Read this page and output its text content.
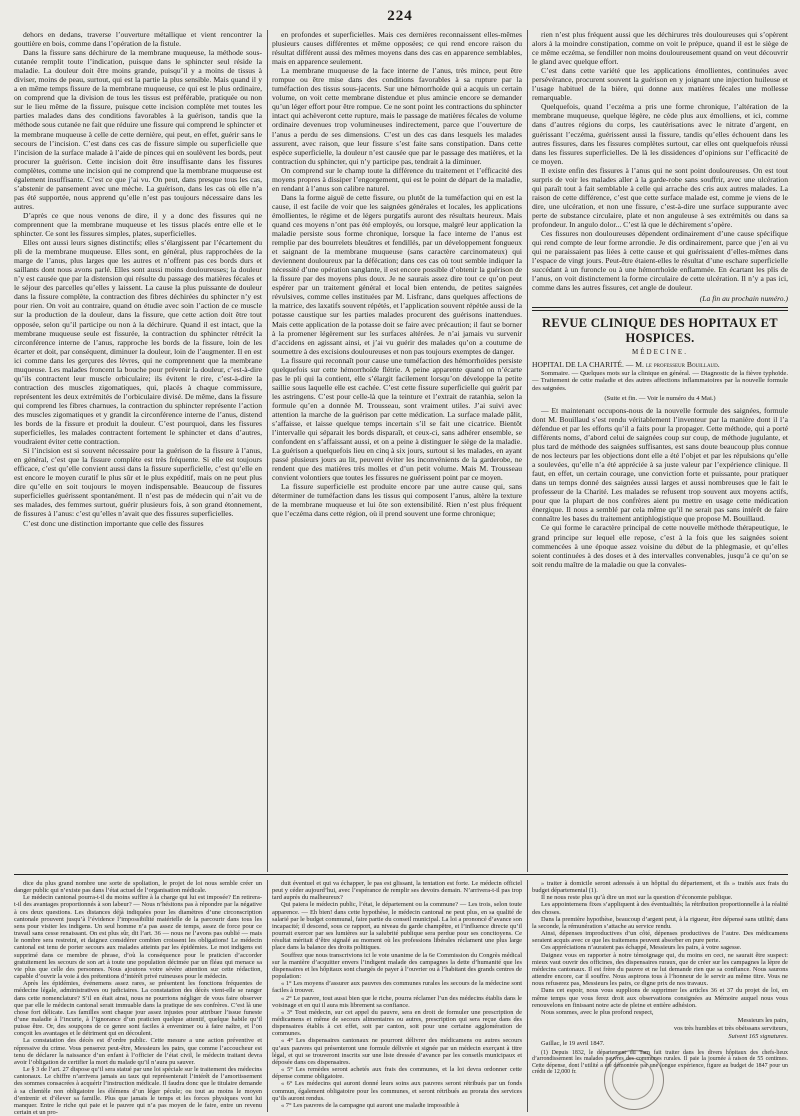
224

dehors en dedans, traverse l’ouverture métallique et vient rencontrer la gouttière en bois, comme dans l’opération de la fistule.

Dans la fissure sans déchirure de la membrane muqueuse, la méthode sous-cutanée remplit toute l’indication, puisque dans le sphincter seul réside la maladie. La douleur doit être moins grande, puisqu’il y a moins de tissus à diviser, moins de peau, surtout, qui est la partie la plus sensible. Mais quand il y a en même temps fissure de la membrane muqueuse, ce qui est le plus ordinaire, on comprend que la division de tous les tissus est préférable, pratiquée ou non sur le lieu même de la fissure, puisque cette incision complète met toutes les parties malades dans des conditions favorables à la guérison, tandis que la méthode sous cutanée ne fait que réduire une fissure qui comprend le sphincter et la membrane muqueuse à celle de cette dernière, qui peut, en effet, guérir sans le secours de l’incision. C’est dans ces cas de fissure simple ou superficielle que l’incision de la surface malade à l’aide de pinces qui en soulèvent les bords, peut procurer la guérison. Cette incision doit être insuffisante dans les fissures complètes, comme une incision qui ne comprend que la membrane muqueuse est également insuffisante. C’est ce que j’ai vu. On peut, dans presque tous les cas, s’abstenir de pansement avec une mèche. La guérison, dans les cas où elle n’a pas été supportée, nous apprend qu’elle n’est pas toujours nécessaire dans les autres.

D’après ce que nous venons de dire, il y a donc des fissures qui ne comprennent que la membrane muqueuse et les tissus placés entre elle et le sphincter. Ce sont les fissures simples, plates, superficielles.

Elles ont aussi leurs signes distinctifs; elles s’élargissent par l’écartement du pli de la membrane muqueuse. Elles sont, en général, plus rapprochées de la marge de l’anus, plus larges que les autres et n’offrent pas ces bords durs et saillants dont nous avons parlé. Elles sont aussi moins douloureuses; la douleur n’y est causée que par la distension qui résulte du passage des matières fécales et le séjour des parcelles qu’elles y laissent. La cause la plus puissante de douleur dans la fissure complète, la contraction des fibres déchirées du sphincter n’y est pour rien. On voit au contraire, quand on étudie avec soin l’action de ce muscle sur la production de la douleur, dans la fissure, que cette action doit être tout opposée, selon qu’il participe ou non à la déchirure. Quand il est intact, que la membrane muqueuse seule est fissurée, la contraction du sphincter rétrécit la circonférence interne de l’anus, rapproche les bords de la fissure, loin de les écarter et doit, par conséquent, diminuer la douleur, loin de l’augmenter. Il en est ici comme dans les gerçures des lèvres, qui ne comprennent que la membrane muqueuse. Les malades froncent la bouche pour prévenir la douleur, c’est-à-dire qu’ils contractent leur muscle orbiculaire; ils évitent le rire, c’est-à-dire la contraction des muscles zigomatiques, qui, placés à chaque commissure, représentent les deux extrémités de l’orbiculaire divisé. De même, dans la fissure qui comprend les fibres charnues, la contraction du sphincter représente l’action des muscles zigomatiques et y grandit la circonférence interne de l’anus, distend les bords de la fissure et produit la douleur. C’est pourquoi, dans les fissures superficielles, les malades contractent fortement le sphincter et dans d’autres, voudraient éviter cette contraction.

Si l’incision est si souvent nécessaire pour la guérison de la fissure à l’anus, en général, c’est que la fissure complète est très fréquente. Si elle est toujours efficace, c’est qu’elle convient aussi dans la fissure superficielle, c’est qu’elle en est encore le moyen curatif le plus sûr et le plus expéditif, mais on ne peut plus dire qu’elle en soit toujours le moyen indispensable. Beaucoup de fissures superficielles guérissent spontanément. Il n’est pas de médecin qui n’ait vu de ses malades, des femmes surtout, guérir plusieurs fois, à son grand étonnement, de fissures à l’anus: c’est qu’elles n’avait que des fissures superficielles.

C’est donc une distinction importante que celle des fissures

en profondes et superficielles. Mais ces dernières reconnaissent elles-mêmes plusieurs causes différentes et même opposées; ce qui rend encore raison du résultat différent aussi des mêmes moyens dans des cas en apparence semblables, mais en apparence seulement.

La membrane muqueuse de la face interne de l’anus, très mince, peut être rompue ou être mise dans des conditions favorables à sa rupture par la tuméfaction des tissus sous-jacents. Sur une hémorrhoïde qui a acquis un certain volume, on voit cette membrane distendue et plus amincie encore se demander qu’un léger effort pour être rompue. Ce ne sont point les contractions du sphincter intact qui achèveront cette rupture, mais le passage de matières fécales de volume ordinaire devenues trop volumineuses indirectement, parce que l’ouverture de l’anus a perdu de ses dimensions. C’est un des cas dans lesquels les malades assurent, avec raison, que leur fissure s’est faite sans constipation. Dans cette espèce superficielle, la douleur n’est causée que par le passage des matières, et la contraction du sphincter, qui n’y participe pas, tendrait à la diminuer.

On comprend sur le champ toute la différence du traitement et l’efficacité des moyens propres à dissiper l’engorgement, qui est le point de départ de la maladie, en rendant à l’anus son calibre naturel.

Dans la forme aiguë de cette fissure, ou plutôt de la tuméfaction qui en est la cause, il est facile de voir que les saignées générales et locales, les applications émollientes, le régime et de légers purgatifs auront des résultats heureux. Mais quand ces moyens n’ont pas été employés, ou lorsque, malgré leur application la maladie persiste sous forme chronique, lorsque la face interne de l’anus est remplie par des bourrelets bleuâtres et fendillés, par un développement fongueux et saignant de la membrane muqueuse (sans caractère carcinomateux) qui deviennent douloureux par la défécation; dans ces cas où tout semble indiquer la nécessité d’une opération sanglante, il est encore possible d’obtenir la guérison de la fissure par des moyens plus doux. Je ne saurais assez dire tout ce qu’on peut espérer par un traitement général et local bien entendu, de petites saignées révulsives, comme celles instituées par M. Lisfranc, dans quelques affections de la matrice, des laxatifs souvent répétés, et l’application souvent répétée aussi de la potasse caustique sur les parties malades procurent des guérisons inattendues. Mais cette application de la potasse doit se faire avec précaution; il faut se borner à la promener légèrement sur les surfaces altérées. Je n’ai jamais vu survenir d’accidens en agissant ainsi, et j’ai vu guérir des malades qu’on a coutume de soumettre à des excisions douloureuses et non pas toujours exemptes de danger.

La fissure qui reconnaît pour cause une tuméfaction des hémorrhoïdes persiste quelquefois sur cette hémorrhoïde flétrie. A peine apparente quand on n’écarte pas le pli qui la contient, elle s’élargit facilement lorsqu’on développe la petite saillie sous laquelle elle est cachée. C’est cette fissure superficielle qui guérit par les astringens. C’est pour celle-là que la teinture et l’extrait de ratanhia, selon la formule qu’en a donnée M. Trousseau, sont vraiment utiles. J’ai suivi avec attention la marche de la guérison par cette médication. La surface malade pâlit, s’affaisse, et laisse quelque temps incertain s’il se fait une cicatrice. Bientôt l’intervalle qui séparait les bords disparaît, et ceux-ci, sans adhérer ensemble, se confondent en s’affaissant aussi, et on a peine à distinguer le siège de la maladie. La guérison a quelquefois lieu en cinq à six jours, surtout si les malades, en ayant passé plusieurs jours au lit, peuvent éviter les inconvénients de la garderobe, ne rendent que des matières très molles et d’un petit volume. Mais M. Trousseau convient volontiers que toutes les fissures ne guérissent point par ce moyen.

La fissure superficielle est produite encore par une autre cause qui, sans déterminer de tuméfaction dans les tissus qui composent l’anus, altère la texture de la membrane muqueuse et lui ôte son extensibilité. Rien n’est plus fréquent que l’eczéma dans cette région, où il prend souvent une forme chronique;

rien n’est plus fréquent aussi que les déchirures très douloureuses qui s’opèrent alors à la moindre constipation, comme on voit le prépuce, quand il est le siège de ce même eczéma, se fendiller non moins douloureusement quand on veut découvrir le gland avec quelque effort.

C’est dans cette variété que les applications émollientes, continuées avec persévérance, procurent souvent la guérison en y joignant une injection huileuse et l’usage habituel de la bière, qui donne aux matières fécales une mollesse remarquable.

Quelquefois, quand l’eczéma a pris une forme chronique, l’altération de la membrane muqueuse, quelque légère, ne cède plus aux émolliens, et ici, comme dans d’autres régions du corps, les cautérisations avec le nitrate d’argent, en guérissant l’eczéma, guérissent aussi la fissure, tandis qu’elles échouent dans les autres fissures, dans les fissures complètes surtout, car elles ont quelquefois réussi dans les fissures superficielles. De là les dissidences d’opinions sur l’efficacité de ce moyen.

Il existe enfin des fissures à l’anus qui ne sont point douloureuses. On est tout surpris de voir les malades aller à la garde-robe sans souffrir, avec une ulcération qui paraît tout à fait semblable à celle qui arrache des cris aux autres malades. La raison de cette différence, c’est que cette surface malade est, comme je viens de le dire, une ulcération, et non une fissure, c’est-à-dire une surface suppurante avec perte de substance circulaire, plate et non anguleuse à ses extrémités ou dans sa profondeur. In angulo dolor... C’est là que le déchirement s’opère.

Ces fissures non douloureuses dépendent ordinairement d’une cause spécifique qui rend compte de leur forme arrondie. Je dis ordinairement, parce que j’en ai vu qui ne paraissaient pas liées à cette cause et qui guérissaient d’elles-mêmes dans l’espace de vingt jours. Peut-être étaient-elles le résultat d’une eschare superficielle succédant à un furoncle ou à une hémorrhoïde enflammée. En écartant les plis de l’anus, on voit distinctement la forme circulaire de cette ulcération. Il n’y a pas ici, comme dans les autres fissures, cet angle de douleur.

(La fin au prochain numéro.)
REVUE CLINIQUE DES HOPITAUX ET HOSPICES.
MÉDECINE.

HOPITAL DE LA CHARITÉ. — M. le professeur Bouillaud.

Sommaire. — Quelques mots sur la clinique en général. — Diagnostic de la fièvre typhoïde. — Traitement de cette maladie et des autres affections inflammatoires par la nouvelle formule des saignées.

(Suite et fin. — Voir le numéro du 4 Mai.)

— Et maintenant occupons-nous de la nouvelle formule des saignées, formule dont M. Bouillaud s’est rendu véritablement l’inventeur par la manière dont il l’a défendue et par les efforts qu’il a faits pour la propager. Cette méthode, qui a porté différents noms, d’abord celui de saignées coup sur coup, de méthode jugulante, et plus tard de méthode des saignées suffisantes, est sans doute beaucoup plus connue de nos lecteurs par les objections dont elle a été l’objet et par les répulsions qu’elle a soulevées, qu’elle n’a été appréciée à sa juste valeur par l’expérience clinique. Il faut, en effet, un certain courage, une conviction forte et puissante, pour pratiquer dans un temps donné des saignées aussi larges et aussi nombreuses que le fait le professeur de la Charité. Les malades se refusent trop souvent aux moyens actifs, pour que la plupart de nos confrères aient pu mettre en usage cette médication énergique. Il nous a semblé par cela même qu’il ne serait pas sans intérêt de faire connaître les bases du traitement antiphlogistique que propose M. Bouillaud.

Ce qui forme le caractère principal de cette nouvelle méthode thérapeutique, le grand principe sur lequel elle repose, c’est à la fois que les saignées soient commencées à une époque assez voisine du début de la phlegmasie, et qu’elles soient continuées à des doses et à des intervalles convenables, jusqu’à ce qu’on se soit rendu maître de la maladie ou que la convales-

dice du plus grand nombre une sorte de spoliation, le projet de loi nous semble créer un danger public qui n’existe pas dans l’état actuel de l’organisation médicale.

Le médecin cantonal pourra-t-il du moins suffire à la charge qui lui est imposée? En retirera-t-il des avantages proportionnés à son labeur? — Nous n’hésitons pas à répondre par la négative à ces deux questions. Les distances déjà indiquées pour les diamètres d’une circonscription cantonale prouvent jusqu’à l’évidence l’impossibilité matérielle de la parcourir dans tous les sens pour visiter les indigens. Un seul homme n’a pas assez de temps, assez de force pour ce travail sans cesse renaissant. On est plus sûr, dit l’art. 36 — nous ne l’avons pas oublié — mais le nombre sera restreint, et daignez considérer combien croissent les obligations! Le médecin cantonal est tenu de porter secours aux malades atteints par les épidémies. Le mot indigens est supprimé dans ce membre de phrase, d’où la conséquence pour le praticien d’accorder gratuitement les secours de son art à toute une population décimée par un fléau qui menace sa vie plus que celle des personnes. Nous ajoutons votre sévère attention sur cette rédaction, capable d’ouvrir la voie à des prétentions d’intérêt privé ruineuses pour le médecin.

Après les épidémies, événemens assez rares, se présentent les fonctions fréquentes de médecine légale, administratives ou judiciaires. La constatation des décès vient-elle se ranger dans cette nomenclature? S’il en était ainsi, nous ne pourrions négliger de vous faire observer que par elle le médecin cantonal serait immuable dans la pratique de ses confrères. C’est là une chose fort délicate. Les familles sont chaque jour assez injustes pour attribuer l’issue funeste d’une maladie à l’incurie, à l’ignorance d’un praticien quelque attentif, quelque habile qu’il puisse être. Or, des soupçons de ce genre sont faciles à envenimer ou à faire naître, et l’on conçoit les avantages et le détriment qui en découlent.

La constatation des décès est d’ordre public. Cette mesure a une action préventive et répressive du crime. Vous penserez peut-être, Messieurs les pairs, que comme l’accoucheur est tenu de déclarer la naissance d’un enfant à l’officier de l’état civil, le médecin traitant devra avoir l’obligation de certifier la mort du malade qu’il n’aura pu sauver.

Le § 3 de l’art. 27 dispose qu’il sera statué par une loi spéciale sur le traitement des médecins cantonaux. Le chiffre n’arrivera jamais au taux qui représenterait l’intérêt de l’amortissement des sommes consacrées à acquérir l’instruction médicale. Il faudra donc que le titulaire demande à sa clientèle non obligatoire les élémens d’un léger pécule; ou tout au moins le moyen d’entrenir et d’élever sa famille. Plus que jamais le temps et les forces physiques vont lui manquer. Entre le riche qui paie et le pauvre qui n’a pas moyen de le faire, entre un revenu certain et un pro-

duit éventuel et qui va échapper, le pas est glissant, la tentation est forte. Le médecin officiel peut y céder aujourd’hui, avec l’espérance de remplir ses devoirs demain. N’arrivera-t-il pas trop tard auprès du malheureux?

Qui paiera le médecin public, l’état, le département ou la commune? — Les trois, selon toute apparence. — Eh bien! dans cette hypothèse, le médecin cantonal ne peut plus, en sa qualité de salarié par le budget communal, faire partie du conseil municipal. La loi a prononcé d’avance son incapacité; il descend, sous ce rapport, au niveau du garde champêtre, et l’influence directe qu’il pourrait exercer par ses lumières sur la salubrité publique sera perdue pour ses concitoyens. Ce résultat méritait d’être signalé au moment où les professions libérales réclament une plus large place dans la balance des droits politiques.

Souffrez que nous transcrivions ici le vote unanime de la 6e Commission du Congrès médical sur la manière d’acquitter envers l’indigent malade des campagnes la dette d’humanité que les dispensaires et les hôpitaux sont chargés de payer à l’ouvrier ou à l’habitant des grands centres de population:

« 1° Les moyens d’assurer aux pauvres des communes rurales les secours de la médecine sont faciles à trouver.

« 2° Le pauvre, tout aussi bien que le riche, pourra réclamer l’un des médecins établis dans le voisinage et en qui il aura mis librement sa confiance.

« 3° Tout médecin, sur cet appel du pauvre, sera en droit de formuler une prescription de médicamens et même de secours alimentaires ou autres, prescription qui sera reçue dans des dispensaires établis à cet effet, soit par canton, soit pour une certaine agglomération de communes.

« 4° Les dispensaires cantonaux ne pourront délivrer des médicamens ou autres secours qu’aux pauvres qui présenteront une formule délivrée et signée par un médecin exerçant à titre légal, et qui se trouveront inscrits sur une liste dressée d’avance par les conseils municipaux et déposée dans ces dispensaires.

« 5° Les remèdes seront achetés aux frais des communes, et la loi devra ordonner cette dépense comme obligatoire.

« 6° Les médecins qui auront donné leurs soins aux pauvres seront rétribués par un fonds commun, également obligatoire pour les communes, et seront rétribués au prorata des services qu’ils auront rendus.

« 7° Les pauvres de la campagne qui auront une maladie impossible à

» traiter à domicile seront adressés à un hôpital du département, et ils » traités aux frais du budget départemental (1).

Il ne nous reste plus qu’à dire un mot sur la question d’économie publique.

Les appointemens fixes s’appliquent à des éventualités; la rétribution proportionnelle à la réalité des choses.

Dans la première hypothèse, beaucoup d’argent peut, à la rigueur, être dépensé sans utilité; dans la seconde, la rémunération s’attache au service rendu.

Ainsi, dépenses improductives d’un côté, dépenses productives de l’autre. Des médicamens seraient acquis avec ce que les traitemens peuvent absorber en pure perte.

Ces appréciations n’auraient pas échappé, Messieurs les pairs, à votre sagesse.

Daignez vous en rapporter à notre témoignage qui, du moins en ceci, ne saurait être suspect: mieux vaut ouvrir des officines, des dispensaires ruraux, que de créer sur les campagnes la lèpre de médecins cantonaux. Il est frère du pauvre et ne lui demande rien que sa confiance. Nous saurons attendre encore, car il souffre. Nous aspirons tous à l’honneur de le servir au même titre. Vous ne nous refuserez pas, Messieurs les pairs, ce digne prix de nos travaux.

Dans cet espoir, nous vous supplions de supprimer les articles 36 et 37 du projet de loi, en même temps que vous ferez droit aux observations consignées au Mémoire auquel nous vous renouvelons en finissant notre acte de pleine et entière adhésion.

Nous sommes, avec le plus profond respect,

Messieurs les pairs,

vos très humbles et très obéissans serviteurs,

Suivent 165 signatures.

Gaillac, le 19 avril 1847.

(1) Depuis 1832, le département du Tarn fait traiter dans les divers hôpitaux des chefs-lieux d’arrondissement les malades pauvres des communes rurales. Il paie la journée à raison de 55 centimes. Cette dépense, dont l’utilité a été démontrée par une longue expérience, figure au budget de 1847 pour un crédit de 12,000 fr.
